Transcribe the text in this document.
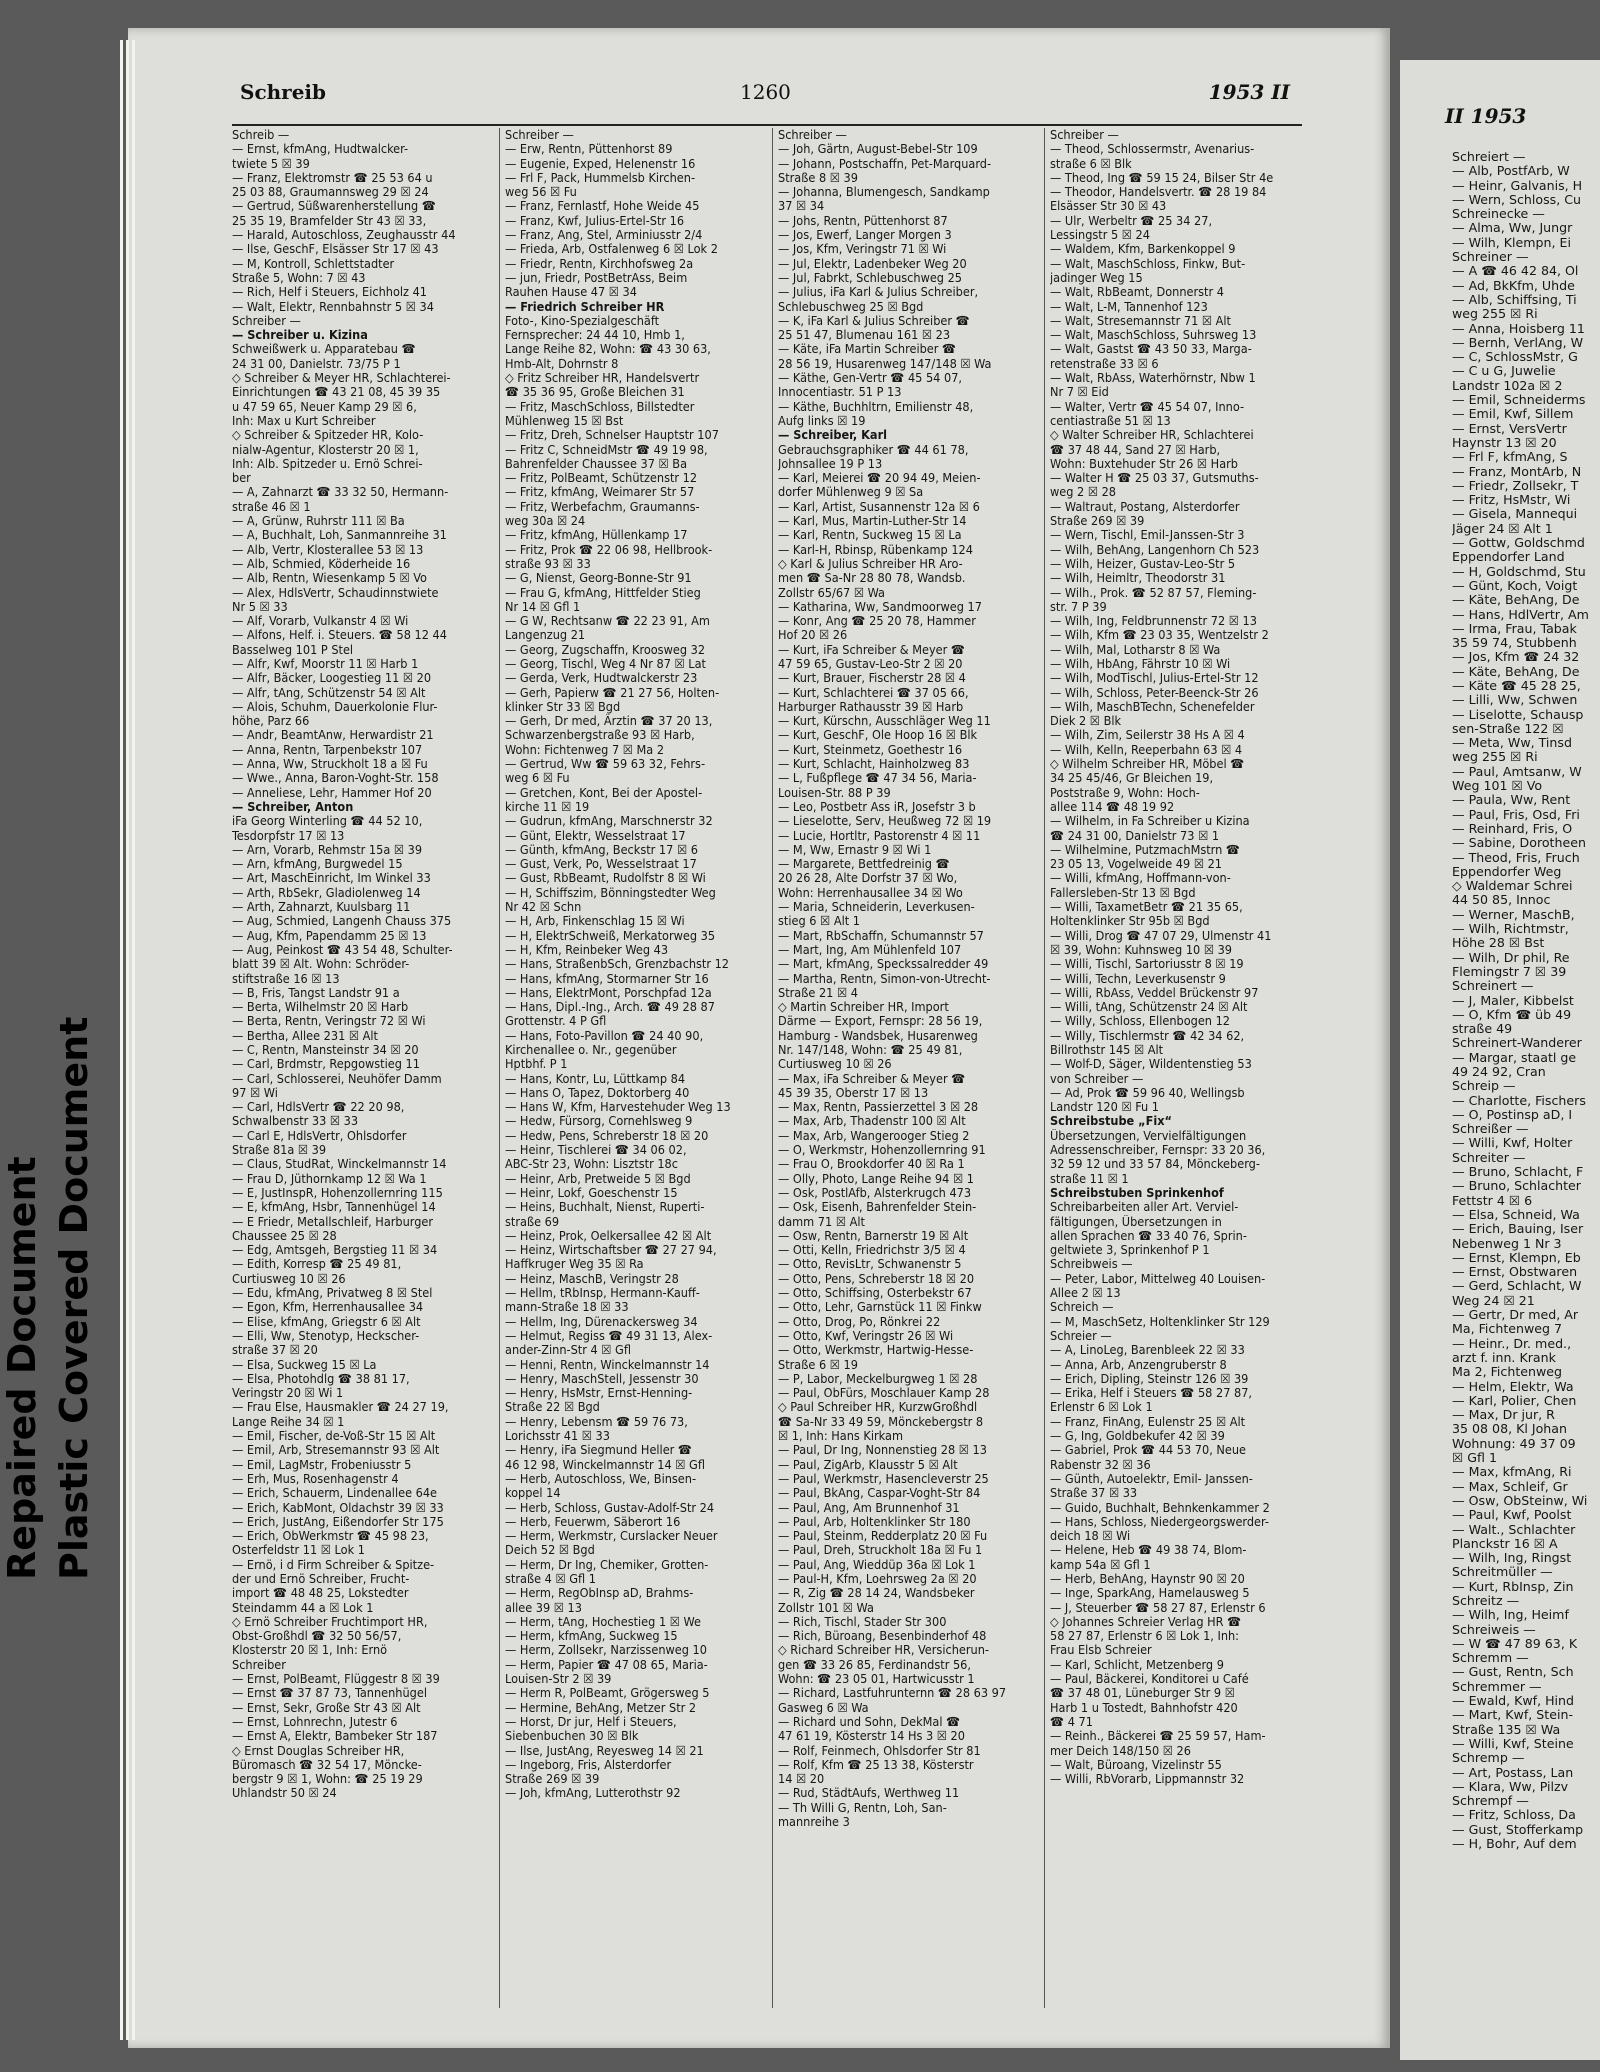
Schreib	1260	1953 II
II 1953
Schreib —
— Ernst, kfmAng, Hudtwalcker-
twiete 5 ☒ 39
— Franz, Elektromstr ☎ 25 53 64 u
25 03 88, Graumannsweg 29 ☒ 24
— Gertrud, Süßwarenherstellung ☎
25 35 19, Bramfelder Str 43 ☒ 33,
— Harald, Autoschloss, Zeughausstr 44
— Ilse, GeschF, Elsässer Str 17 ☒ 43
— M, Kontroll, Schlettstadter
Straße 5, Wohn: 7 ☒ 43
— Rich, Helf i Steuers, Eichholz 41
— Walt, Elektr, Rennbahnstr 5 ☒ 34
Schreiber —
— Schreiber u. Kizina
Schweißwerk u. Apparatebau ☎
24 31 00, Danielstr. 73/75 P 1
◇ Schreiber & Meyer HR, Schlachterei-
Einrichtungen ☎ 43 21 08, 45 39 35
u 47 59 65, Neuer Kamp 29 ☒ 6,
Inh: Max u Kurt Schreiber
◇ Schreiber & Spitzeder HR, Kolo-
nialw-Agentur, Klosterstr 20 ☒ 1,
Inh: Alb. Spitzeder u. Ernö Schrei-
ber
— A, Zahnarzt ☎ 33 32 50, Hermann-
straße 46 ☒ 1
— A, Grünw, Ruhrstr 111 ☒ Ba
— A, Buchhalt, Loh, Sanmannreihe 31
— Alb, Vertr, Klosterallee 53 ☒ 13
— Alb, Schmied, Köderheide 16
— Alb, Rentn, Wiesenkamp 5 ☒ Vo
— Alex, HdlsVertr, Schaudinnstwiete
Nr 5 ☒ 33
— Alf, Vorarb, Vulkanstr 4 ☒ Wi
— Alfons, Helf. i. Steuers. ☎ 58 12 44
Basselweg 101 P Stel
— Alfr, Kwf, Moorstr 11 ☒ Harb 1
— Alfr, Bäcker, Loogestieg 11 ☒ 20
— Alfr, tAng, Schützenstr 54 ☒ Alt
— Alois, Schuhm, Dauerkolonie Flur-
höhe, Parz 66
— Andr, BeamtAnw, Herwardistr 21
— Anna, Rentn, Tarpenbekstr 107
— Anna, Ww, Struckholt 18 a ☒ Fu
— Wwe., Anna, Baron-Voght-Str. 158
— Anneliese, Lehr, Hammer Hof 20
— Schreiber, Anton
iFa Georg Winterling ☎ 44 52 10,
Tesdorpfstr 17 ☒ 13
— Arn, Vorarb, Rehmstr 15a ☒ 39
— Arn, kfmAng, Burgwedel 15
— Art, MaschEinricht, Im Winkel 33
— Arth, RbSekr, Gladiolenweg 14
— Arth, Zahnarzt, Kuulsbarg 11
— Aug, Schmied, Langenh Chauss 375
— Aug, Kfm, Papendamm 25 ☒ 13
— Aug, Peinkost ☎ 43 54 48, Schulter-
blatt 39 ☒ Alt. Wohn: Schröder-
stiftstraße 16 ☒ 13
— B, Fris, Tangst Landstr 91 a
— Berta, Wilhelmstr 20 ☒ Harb
— Berta, Rentn, Veringstr 72 ☒ Wi
— Bertha, Allee 231 ☒ Alt
— C, Rentn, Mansteinstr 34 ☒ 20
— Carl, Brdmstr, Repgowstieg 11
— Carl, Schlosserei, Neuhöfer Damm
97 ☒ Wi
— Carl, HdlsVertr ☎ 22 20 98,
Schwalbenstr 33 ☒ 33
— Carl E, HdlsVertr, Ohlsdorfer
Straße 81a ☒ 39
— Claus, StudRat, Winckelmannstr 14
— Frau D, Jüthornkamp 12 ☒ Wa 1
— E, JustInspR, Hohenzollernring 115
— E, kfmAng, Hsbr, Tannenhügel 14
— E Friedr, Metallschleif, Harburger
Chaussee 25 ☒ 28
— Edg, Amtsgeh, Bergstieg 11 ☒ 34
— Edith, Korresp ☎ 25 49 81,
Curtiusweg 10 ☒ 26
— Edu, kfmAng, Privatweg 8 ☒ Stel
— Egon, Kfm, Herrenhausallee 34
— Elise, kfmAng, Griegstr 6 ☒ Alt
— Elli, Ww, Stenotyp, Heckscher-
straße 37 ☒ 20
— Elsa, Suckweg 15 ☒ La
— Elsa, Photohdlg ☎ 38 81 17,
Veringstr 20 ☒ Wi 1
— Frau Else, Hausmakler ☎ 24 27 19,
Lange Reihe 34 ☒ 1
— Emil, Fischer, de-Voß-Str 15 ☒ Alt
— Emil, Arb, Stresemannstr 93 ☒ Alt
— Emil, LagMstr, Frobeniusstr 5
— Erh, Mus, Rosenhagenstr 4
— Erich, Schauerm, Lindenallee 64e
— Erich, KabMont, Oldachstr 39 ☒ 33
— Erich, JustAng, Eißendorfer Str 175
— Erich, ObWerkmstr ☎ 45 98 23,
Osterfeldstr 11 ☒ Lok 1
— Ernö, i d Firm Schreiber & Spitze-
der und Ernö Schreiber, Frucht-
import ☎ 48 48 25, Lokstedter
Steindamm 44 a ☒ Lok 1
◇ Ernö Schreiber Fruchtimport HR,
Obst-Großhdl ☎ 32 50 56/57,
Klosterstr 20 ☒ 1, Inh: Ernö
Schreiber
— Ernst, PolBeamt, Flüggestr 8 ☒ 39
— Ernst ☎ 37 87 73, Tannenhügel
— Ernst, Sekr, Große Str 43 ☒ Alt
— Ernst, Lohnrechn, Jutestr 6
— Ernst A, Elektr, Bambeker Str 187
◇ Ernst Douglas Schreiber HR,
Büromasch ☎ 32 54 17, Möncke-
bergstr 9 ☒ 1, Wohn: ☎ 25 19 29
Uhlandstr 50 ☒ 24
Schreiber —
— Erw, Rentn, Püttenhorst 89
— Eugenie, Exped, Helenenstr 16
— Frl F, Pack, Hummelsb Kirchen-
weg 56 ☒ Fu
— Franz, Fernlastf, Hohe Weide 45
— Franz, Kwf, Julius-Ertel-Str 16
— Franz, Ang, Stel, Arminiusstr 2/4
— Frieda, Arb, Ostfalenweg 6 ☒ Lok 2
— Friedr, Rentn, Kirchhofsweg 2a
— jun, Friedr, PostBetrAss, Beim
Rauhen Hause 47 ☒ 34
— Friedrich Schreiber HR
Foto-, Kino-Spezialgeschäft
Fernsprecher: 24 44 10, Hmb 1,
Lange Reihe 82, Wohn: ☎ 43 30 63,
Hmb-Alt, Dohrnstr 8
◇ Fritz Schreiber HR, Handelsvertr
☎ 35 36 95, Große Bleichen 31
— Fritz, MaschSchloss, Billstedter
Mühlenweg 15 ☒ Bst
— Fritz, Dreh, Schnelser Hauptstr 107
— Fritz C, SchneidMstr ☎ 49 19 98,
Bahrenfelder Chaussee 37 ☒ Ba
— Fritz, PolBeamt, Schützenstr 12
— Fritz, kfmAng, Weimarer Str 57
— Fritz, Werbefachm, Graumanns-
weg 30a ☒ 24
— Fritz, kfmAng, Hüllenkamp 17
— Fritz, Prok ☎ 22 06 98, Hellbrook-
straße 93 ☒ 33
— G, Nienst, Georg-Bonne-Str 91
— Frau G, kfmAng, Hittfelder Stieg
Nr 14 ☒ Gfl 1
— G W, Rechtsanw ☎ 22 23 91, Am
Langenzug 21
— Georg, Zugschaffn, Kroosweg 32
— Georg, Tischl, Weg 4 Nr 87 ☒ Lat
— Gerda, Verk, Hudtwalckerstr 23
— Gerh, Papierw ☎ 21 27 56, Holten-
klinker Str 33 ☒ Bgd
— Gerh, Dr med, Ärztin ☎ 37 20 13,
Schwarzenbergstraße 93 ☒ Harb,
Wohn: Fichtenweg 7 ☒ Ma 2
— Gertrud, Ww ☎ 59 63 32, Fehrs-
weg 6 ☒ Fu
— Gretchen, Kont, Bei der Apostel-
kirche 11 ☒ 19
— Gudrun, kfmAng, Marschnerstr 32
— Günt, Elektr, Wesselstraat 17
— Günth, kfmAng, Beckstr 17 ☒ 6
— Gust, Verk, Po, Wesselstraat 17
— Gust, RbBeamt, Rudolfstr 8 ☒ Wi
— H, Schiffszim, Bönningstedter Weg
Nr 42 ☒ Schn
— H, Arb, Finkenschlag 15 ☒ Wi
— H, ElektrSchweiß, Merkatorweg 35
— H, Kfm, Reinbeker Weg 43
— Hans, StraßenbSch, Grenzbachstr 12
— Hans, kfmAng, Stormarner Str 16
— Hans, ElektrMont, Porschpfad 12a
— Hans, Dipl.-Ing., Arch. ☎ 49 28 87
Grottenstr. 4 P Gfl
— Hans, Foto-Pavillon ☎ 24 40 90,
Kirchenallee o. Nr., gegenüber
Hptbhf. P 1
— Hans, Kontr, Lu, Lüttkamp 84
— Hans O, Tapez, Doktorberg 40
— Hans W, Kfm, Harvestehuder Weg 13
— Hedw, Fürsorg, Cornehlsweg 9
— Hedw, Pens, Schreberstr 18 ☒ 20
— Heinr, Tischlerei ☎ 34 06 02,
ABC-Str 23, Wohn: Lisztstr 18c
— Heinr, Arb, Pretweide 5 ☒ Bgd
— Heinr, Lokf, Goeschenstr 15
— Heins, Buchhalt, Nienst, Ruperti-
straße 69
— Heinz, Prok, Oelkersallee 42 ☒ Alt
— Heinz, Wirtschaftsber ☎ 27 27 94,
Haffkruger Weg 35 ☒ Ra
— Heinz, MaschB, Veringstr 28
— Hellm, tRbInsp, Hermann-Kauff-
mann-Straße 18 ☒ 33
— Hellm, Ing, Dürenackersweg 34
— Helmut, Regiss ☎ 49 31 13, Alex-
ander-Zinn-Str 4 ☒ Gfl
— Henni, Rentn, Winckelmannstr 14
— Henry, MaschStell, Jessenstr 30
— Henry, HsMstr, Ernst-Henning-
Straße 22 ☒ Bgd
— Henry, Lebensm ☎ 59 76 73,
Lorichsstr 41 ☒ 33
— Henry, iFa Siegmund Heller ☎
46 12 98, Winckelmannstr 14 ☒ Gfl
— Herb, Autoschloss, We, Binsen-
koppel 14
— Herb, Schloss, Gustav-Adolf-Str 24
— Herb, Feuerwm, Säberort 16
— Herm, Werkmstr, Curslacker Neuer
Deich 52 ☒ Bgd
— Herm, Dr Ing, Chemiker, Grotten-
straße 4 ☒ Gfl 1
— Herm, RegObInsp aD, Brahms-
allee 39 ☒ 13
— Herm, tAng, Hochestieg 1 ☒ We
— Herm, kfmAng, Suckweg 15
— Herm, Zollsekr, Narzissenweg 10
— Herm, Papier ☎ 47 08 65, Maria-
Louisen-Str 2 ☒ 39
— Herm R, PolBeamt, Grögersweg 5
— Hermine, BehAng, Metzer Str 2
— Horst, Dr jur, Helf i Steuers,
Siebenbuchen 30 ☒ Blk
— Ilse, JustAng, Reyesweg 14 ☒ 21
— Ingeborg, Fris, Alsterdorfer
Straße 269 ☒ 39
— Joh, kfmAng, Lutterothstr 92
Schreiber —
— Joh, Gärtn, August-Bebel-Str 109
— Johann, Postschaffn, Pet-Marquard-
Straße 8 ☒ 39
— Johanna, Blumengesch, Sandkamp
37 ☒ 34
— Johs, Rentn, Püttenhorst 87
— Jos, Ewerf, Langer Morgen 3
— Jos, Kfm, Veringstr 71 ☒ Wi
— Jul, Elektr, Ladenbeker Weg 20
— Jul, Fabrkt, Schlebuschweg 25
— Julius, iFa Karl & Julius Schreiber,
Schlebuschweg 25 ☒ Bgd
— K, iFa Karl & Julius Schreiber ☎
25 51 47, Blumenau 161 ☒ 23
— Käte, iFa Martin Schreiber ☎
28 56 19, Husarenweg 147/148 ☒ Wa
— Käthe, Gen-Vertr ☎ 45 54 07,
Innocentiastr. 51 P 13
— Käthe, Buchhltrn, Emilienstr 48,
Aufg links ☒ 19
— Schreiber, Karl
Gebrauchsgraphiker ☎ 44 61 78,
Johnsallee 19 P 13
— Karl, Meierei ☎ 20 94 49, Meien-
dorfer Mühlenweg 9 ☒ Sa
— Karl, Artist, Susannenstr 12a ☒ 6
— Karl, Mus, Martin-Luther-Str 14
— Karl, Rentn, Suckweg 15 ☒ La
— Karl-H, Rbinsp, Rübenkamp 124
◇ Karl & Julius Schreiber HR Aro-
men ☎ Sa-Nr 28 80 78, Wandsb.
Zollstr 65/67 ☒ Wa
— Katharina, Ww, Sandmoorweg 17
— Konr, Ang ☎ 25 20 78, Hammer
Hof 20 ☒ 26
— Kurt, iFa Schreiber & Meyer ☎
47 59 65, Gustav-Leo-Str 2 ☒ 20
— Kurt, Brauer, Fischerstr 28 ☒ 4
— Kurt, Schlachterei ☎ 37 05 66,
Harburger Rathausstr 39 ☒ Harb
— Kurt, Kürschn, Ausschläger Weg 11
— Kurt, GeschF, Ole Hoop 16 ☒ Blk
— Kurt, Steinmetz, Goethestr 16
— Kurt, Schlacht, Hainholzweg 83
— L, Fußpflege ☎ 47 34 56, Maria-
Louisen-Str. 88 P 39
— Leo, Postbetr Ass iR, Josefstr 3 b
— Lieselotte, Serv, Heußweg 72 ☒ 19
— Lucie, Hortltr, Pastorenstr 4 ☒ 11
— M, Ww, Ernastr 9 ☒ Wi 1
— Margarete, Bettfedreinig ☎
20 26 28, Alte Dorfstr 37 ☒ Wo,
Wohn: Herrenhausallee 34 ☒ Wo
— Maria, Schneiderin, Leverkusen-
stieg 6 ☒ Alt 1
— Mart, RbSchaffn, Schumannstr 57
— Mart, Ing, Am Mühlenfeld 107
— Mart, kfmAng, Speckssalredder 49
— Martha, Rentn, Simon-von-Utrecht-
Straße 21 ☒ 4
◇ Martin Schreiber HR, Import
Därme — Export, Fernspr: 28 56 19,
Hamburg - Wandsbek, Husarenweg
Nr. 147/148, Wohn: ☎ 25 49 81,
Curtiusweg 10 ☒ 26
— Max, iFa Schreiber & Meyer ☎
45 39 35, Oberstr 17 ☒ 13
— Max, Rentn, Passierzettel 3 ☒ 28
— Max, Arb, Thadenstr 100 ☒ Alt
— Max, Arb, Wangerooger Stieg 2
— O, Werkmstr, Hohenzollernring 91
— Frau O, Brookdorfer 40 ☒ Ra 1
— Olly, Photo, Lange Reihe 94 ☒ 1
— Osk, PostlAfb, Alsterkrugch 473
— Osk, Eisenh, Bahrenfelder Stein-
damm 71 ☒ Alt
— Osw, Rentn, Barnerstr 19 ☒ Alt
— Otti, Kelln, Friedrichstr 3/5 ☒ 4
— Otto, RevisLtr, Schwanenstr 5
— Otto, Pens, Schreberstr 18 ☒ 20
— Otto, Schiffsing, Osterbekstr 67
— Otto, Lehr, Garnstück 11 ☒ Finkw
— Otto, Drog, Po, Rönkrei 22
— Otto, Kwf, Veringstr 26 ☒ Wi
— Otto, Werkmstr, Hartwig-Hesse-
Straße 6 ☒ 19
— P, Labor, Meckelburgweg 1 ☒ 28
— Paul, ObFürs, Moschlauer Kamp 28
◇ Paul Schreiber HR, KurzwGroßhdl
☎ Sa-Nr 33 49 59, Mönckebergstr 8
☒ 1, Inh: Hans Kirkam
— Paul, Dr Ing, Nonnenstieg 28 ☒ 13
— Paul, ZigArb, Klausstr 5 ☒ Alt
— Paul, Werkmstr, Hasencleverstr 25
— Paul, BkAng, Caspar-Voght-Str 84
— Paul, Ang, Am Brunnenhof 31
— Paul, Arb, Holtenklinker Str 180
— Paul, Steinm, Redderplatz 20 ☒ Fu
— Paul, Dreh, Struckholt 18a ☒ Fu 1
— Paul, Ang, Wieddüp 36a ☒ Lok 1
— Paul-H, Kfm, Loehrsweg 2a ☒ 20
— R, Zig ☎ 28 14 24, Wandsbeker
Zollstr 101 ☒ Wa
— Rich, Tischl, Stader Str 300
— Rich, Büroang, Besenbinderhof 48
◇ Richard Schreiber HR, Versicherun-
gen ☎ 33 26 85, Ferdinandstr 56,
Wohn: ☎ 23 05 01, Hartwicusstr 1
— Richard, Lastfuhrunternn ☎ 28 63 97
Gasweg 6 ☒ Wa
— Richard und Sohn, DekMal ☎
47 61 19, Kösterstr 14 Hs 3 ☒ 20
— Rolf, Feinmech, Ohlsdorfer Str 81
— Rolf, Kfm ☎ 25 13 38, Kösterstr
14 ☒ 20
— Rud, StädtAufs, Werthweg 11
— Th Willi G, Rentn, Loh, San-
mannreihe 3
Schreiber —
— Theod, Schlossermstr, Avenarius-
straße 6 ☒ Blk
— Theod, Ing ☎ 59 15 24, Bilser Str 4e
— Theodor, Handelsvertr. ☎ 28 19 84
Elsässer Str 30 ☒ 43
— Ulr, Werbeltr ☎ 25 34 27,
Lessingstr 5 ☒ 24
— Waldem, Kfm, Barkenkoppel 9
— Walt, MaschSchloss, Finkw, But-
jadinger Weg 15
— Walt, RbBeamt, Donnerstr 4
— Walt, L-M, Tannenhof 123
— Walt, Stresemannstr 71 ☒ Alt
— Walt, MaschSchloss, Suhrsweg 13
— Walt, Gastst ☎ 43 50 33, Marga-
retenstraße 33 ☒ 6
— Walt, RbAss, Waterhörnstr, Nbw 1
Nr 7 ☒ Eid
— Walter, Vertr ☎ 45 54 07, Inno-
centiastraße 51 ☒ 13
◇ Walter Schreiber HR, Schlachterei
☎ 37 48 44, Sand 27 ☒ Harb,
Wohn: Buxtehuder Str 26 ☒ Harb
— Walter H ☎ 25 03 37, Gutsmuths-
weg 2 ☒ 28
— Waltraut, Postang, Alsterdorfer
Straße 269 ☒ 39
— Wern, Tischl, Emil-Janssen-Str 3
— Wilh, BehAng, Langenhorn Ch 523
— Wilh, Heizer, Gustav-Leo-Str 5
— Wilh, Heimltr, Theodorstr 31
— Wilh., Prok. ☎ 52 87 57, Fleming-
str. 7 P 39
— Wilh, Ing, Feldbrunnenstr 72 ☒ 13
— Wilh, Kfm ☎ 23 03 35, Wentzelstr 2
— Wilh, Mal, Lotharstr 8 ☒ Wa
— Wilh, HbAng, Fährstr 10 ☒ Wi
— Wilh, ModTischl, Julius-Ertel-Str 12
— Wilh, Schloss, Peter-Beenck-Str 26
— Wilh, MaschBTechn, Schenefelder
Diek 2 ☒ Blk
— Wilh, Zim, Seilerstr 38 Hs A ☒ 4
— Wilh, Kelln, Reeperbahn 63 ☒ 4
◇ Wilhelm Schreiber HR, Möbel ☎
34 25 45/46, Gr Bleichen 19,
Poststraße 9, Wohn: Hoch-
allee 114 ☎ 48 19 92
— Wilhelm, in Fa Schreiber u Kizina
☎ 24 31 00, Danielstr 73 ☒ 1
— Wilhelmine, PutzmachMstrn ☎
23 05 13, Vogelweide 49 ☒ 21
— Willi, kfmAng, Hoffmann-von-
Fallersleben-Str 13 ☒ Bgd
— Willi, TaxametBetr ☎ 21 35 65,
Holtenklinker Str 95b ☒ Bgd
— Willi, Drog ☎ 47 07 29, Ulmenstr 41
☒ 39, Wohn: Kuhnsweg 10 ☒ 39
— Willi, Tischl, Sartoriusstr 8 ☒ 19
— Willi, Techn, Leverkusenstr 9
— Willi, RbAss, Veddel Brückenstr 97
— Willi, tAng, Schützenstr 24 ☒ Alt
— Willy, Schloss, Ellenbogen 12
— Willy, Tischlermstr ☎ 42 34 62,
Billrothstr 145 ☒ Alt
— Wolf-D, Säger, Wildentenstieg 53
von Schreiber —
— Ad, Prok ☎ 59 96 40, Wellingsb
Landstr 120 ☒ Fu 1
Schreibstube „Fix“
Übersetzungen, Vervielfältigungen
Adressenschreiber, Fernspr: 33 20 36,
32 59 12 und 33 57 84, Mönckeberg-
straße 11 ☒ 1
Schreibstuben Sprinkenhof
Schreibarbeiten aller Art. Verviel-
fältigungen, Übersetzungen in
allen Sprachen ☎ 33 40 76, Sprin-
geltwiete 3, Sprinkenhof P 1
Schreibweis —
— Peter, Labor, Mittelweg 40 Louisen-
Allee 2 ☒ 13
Schreich —
— M, MaschSetz, Holtenklinker Str 129
Schreier —
— A, LinoLeg, Barenbleek 22 ☒ 33
— Anna, Arb, Anzengruberstr 8
— Erich, Dipling, Steinstr 126 ☒ 39
— Erika, Helf i Steuers ☎ 58 27 87,
Erlenstr 6 ☒ Lok 1
— Franz, FinAng, Eulenstr 25 ☒ Alt
— G, Ing, Goldbekufer 42 ☒ 39
— Gabriel, Prok ☎ 44 53 70, Neue
Rabenstr 32 ☒ 36
— Günth, Autoelektr, Emil- Janssen-
Straße 37 ☒ 33
— Guido, Buchhalt, Behnkenkammer 2
— Hans, Schloss, Niedergeorgswerder-
deich 18 ☒ Wi
— Helene, Heb ☎ 49 38 74, Blom-
kamp 54a ☒ Gfl 1
— Herb, BehAng, Haynstr 90 ☒ 20
— Inge, SparkAng, Hamelausweg 5
— J, Steuerber ☎ 58 27 87, Erlenstr 6
◇ Johannes Schreier Verlag HR ☎
58 27 87, Erlenstr 6 ☒ Lok 1, Inh:
Frau Elsb Schreier
— Karl, Schlicht, Metzenberg 9
— Paul, Bäckerei, Konditorei u Café
☎ 37 48 01, Lüneburger Str 9 ☒
Harb 1 u Tostedt, Bahnhofstr 420
☎ 4 71
— Reinh., Bäckerei ☎ 25 59 57, Ham-
mer Deich 148/150 ☒ 26
— Walt, Büroang, Vizelinstr 55
— Willi, RbVorarb, Lippmannstr 32
Schreiert —
— Alb, PostfArb, W
— Heinr, Galvanis, H
— Wern, Schloss, Cu
Schreinecke —
— Alma, Ww, Jungr
— Wilh, Klempn, Ei
Schreiner —
— A ☎ 46 42 84, Ol
— Ad, BkKfm, Uhde
— Alb, Schiffsing, Ti
weg 255 ☒ Ri
— Anna, Hoisberg 11
— Bernh, VerlAng, W
— C, SchlossMstr, G
— C u G, Juwelie
Landstr 102a ☒ 2
— Emil, Schneiderms
— Emil, Kwf, Sillem
— Ernst, VersVertr
Haynstr 13 ☒ 20
— Frl F, kfmAng, S
— Franz, MontArb, N
— Friedr, Zollsekr, T
— Fritz, HsMstr, Wi
— Gisela, Mannequi
Jäger 24 ☒ Alt 1
— Gottw, Goldschmd
Eppendorfer Land
— H, Goldschmd, Stu
— Günt, Koch, Voigt
— Käte, BehAng, De
— Hans, HdlVertr, Am
— Irma, Frau, Tabak
35 59 74, Stubbenh
— Jos, Kfm ☎ 24 32
— Käte, BehAng, De
— Käte ☎ 45 28 25,
— Lilli, Ww, Schwen
— Liselotte, Schausp
sen-Straße 122 ☒
— Meta, Ww, Tinsd
weg 255 ☒ Ri
— Paul, Amtsanw, W
Weg 101 ☒ Vo
— Paula, Ww, Rent
— Paul, Fris, Osd, Fri
— Reinhard, Fris, O
— Sabine, Dorotheen
— Theod, Fris, Fruch
Eppendorfer Weg
◇ Waldemar Schrei
44 50 85, Innoc
— Werner, MaschB,
— Wilh, Richtmstr,
Höhe 28 ☒ Bst
— Wilh, Dr phil, Re
Flemingstr 7 ☒ 39
Schreinert —
— J, Maler, Kibbelst
— O, Kfm ☎ üb 49
straße 49
Schreinert-Wanderer
— Margar, staatl ge
49 24 92, Cran
Schreip —
— Charlotte, Fischers
— O, Postinsp aD, I
Schreißer —
— Willi, Kwf, Holter
Schreiter —
— Bruno, Schlacht, F
— Bruno, Schlachter
Fettstr 4 ☒ 6
— Elsa, Schneid, Wa
— Erich, Bauing, Iser
Nebenweg 1 Nr 3
— Ernst, Klempn, Eb
— Ernst, Obstwaren
— Gerd, Schlacht, W
Weg 24 ☒ 21
— Gertr, Dr med, Ar
Ma, Fichtenweg 7
— Heinr., Dr. med.,
arzt f. inn. Krank
Ma 2, Fichtenweg
— Helm, Elektr, Wa
— Karl, Polier, Chen
— Max, Dr jur, R
35 08 08, Kl Johan
Wohnung: 49 37 09
☒ Gfl 1
— Max, kfmAng, Ri
— Max, Schleif, Gr
— Osw, ObSteinw, Wi
— Paul, Kwf, Poolst
— Walt., Schlachter
Planckstr 16 ☒ A
— Wilh, Ing, Ringst
Schreitmüller —
— Kurt, RbInsp, Zin
Schreitz —
— Wilh, Ing, Heimf
Schreiweis —
— W ☎ 47 89 63, K
Schremm —
— Gust, Rentn, Sch
Schremmer —
— Ewald, Kwf, Hind
— Mart, Kwf, Stein-
Straße 135 ☒ Wa
— Willi, Kwf, Steine
Schremp —
— Art, Postass, Lan
— Klara, Ww, Pilzv
Schrempf —
— Fritz, Schloss, Da
— Gust, Stofferkamp
— H, Bohr, Auf dem
Repaired Document Plastic Covered Document
